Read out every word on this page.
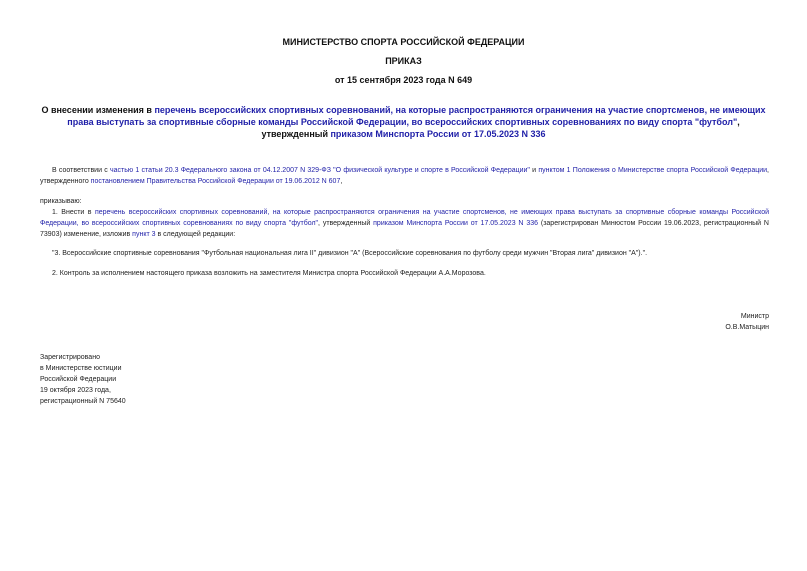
МИНИСТЕРСТВО СПОРТА РОССИЙСКОЙ ФЕДЕРАЦИИ
ПРИКАЗ
от 15 сентября 2023 года N 649
О внесении изменения в перечень всероссийских спортивных соревнований, на которые распространяются ограничения на участие спортсменов, не имеющих права выступать за спортивные сборные команды Российской Федерации, во всероссийских спортивных соревнованиях по виду спорта "футбол", утвержденный приказом Минспорта России от 17.05.2023 N 336
В соответствии с частью 1 статьи 20.3 Федерального закона от 04.12.2007 N 329-ФЗ "О физической культуре и спорте в Российской Федерации" и пунктом 1 Положения о Министерстве спорта Российской Федерации, утвержденного постановлением Правительства Российской Федерации от 19.06.2012 N 607,
приказываю:
1. Внести в перечень всероссийских спортивных соревнований, на которые распространяются ограничения на участие спортсменов, не имеющих права выступать за спортивные сборные команды Российской Федерации, во всероссийских спортивных соревнованиях по виду спорта "футбол", утвержденный приказом Минспорта России от 17.05.2023 N 336 (зарегистрирован Минюстом России 19.06.2023, регистрационный N 73903) изменение, изложив пункт 3 в следующей редакции:
"3. Всероссийские спортивные соревнования "Футбольная национальная лига II" дивизион "А" (Всероссийские соревнования по футболу среди мужчин "Вторая лига" дивизион "А").".
2. Контроль за исполнением настоящего приказа возложить на заместителя Министра спорта Российской Федерации А.А.Морозова.
Министр
О.В.Матыцин
Зарегистрировано
в Министерстве юстиции
Российской Федерации
19 октября 2023 года,
регистрационный N 75640
